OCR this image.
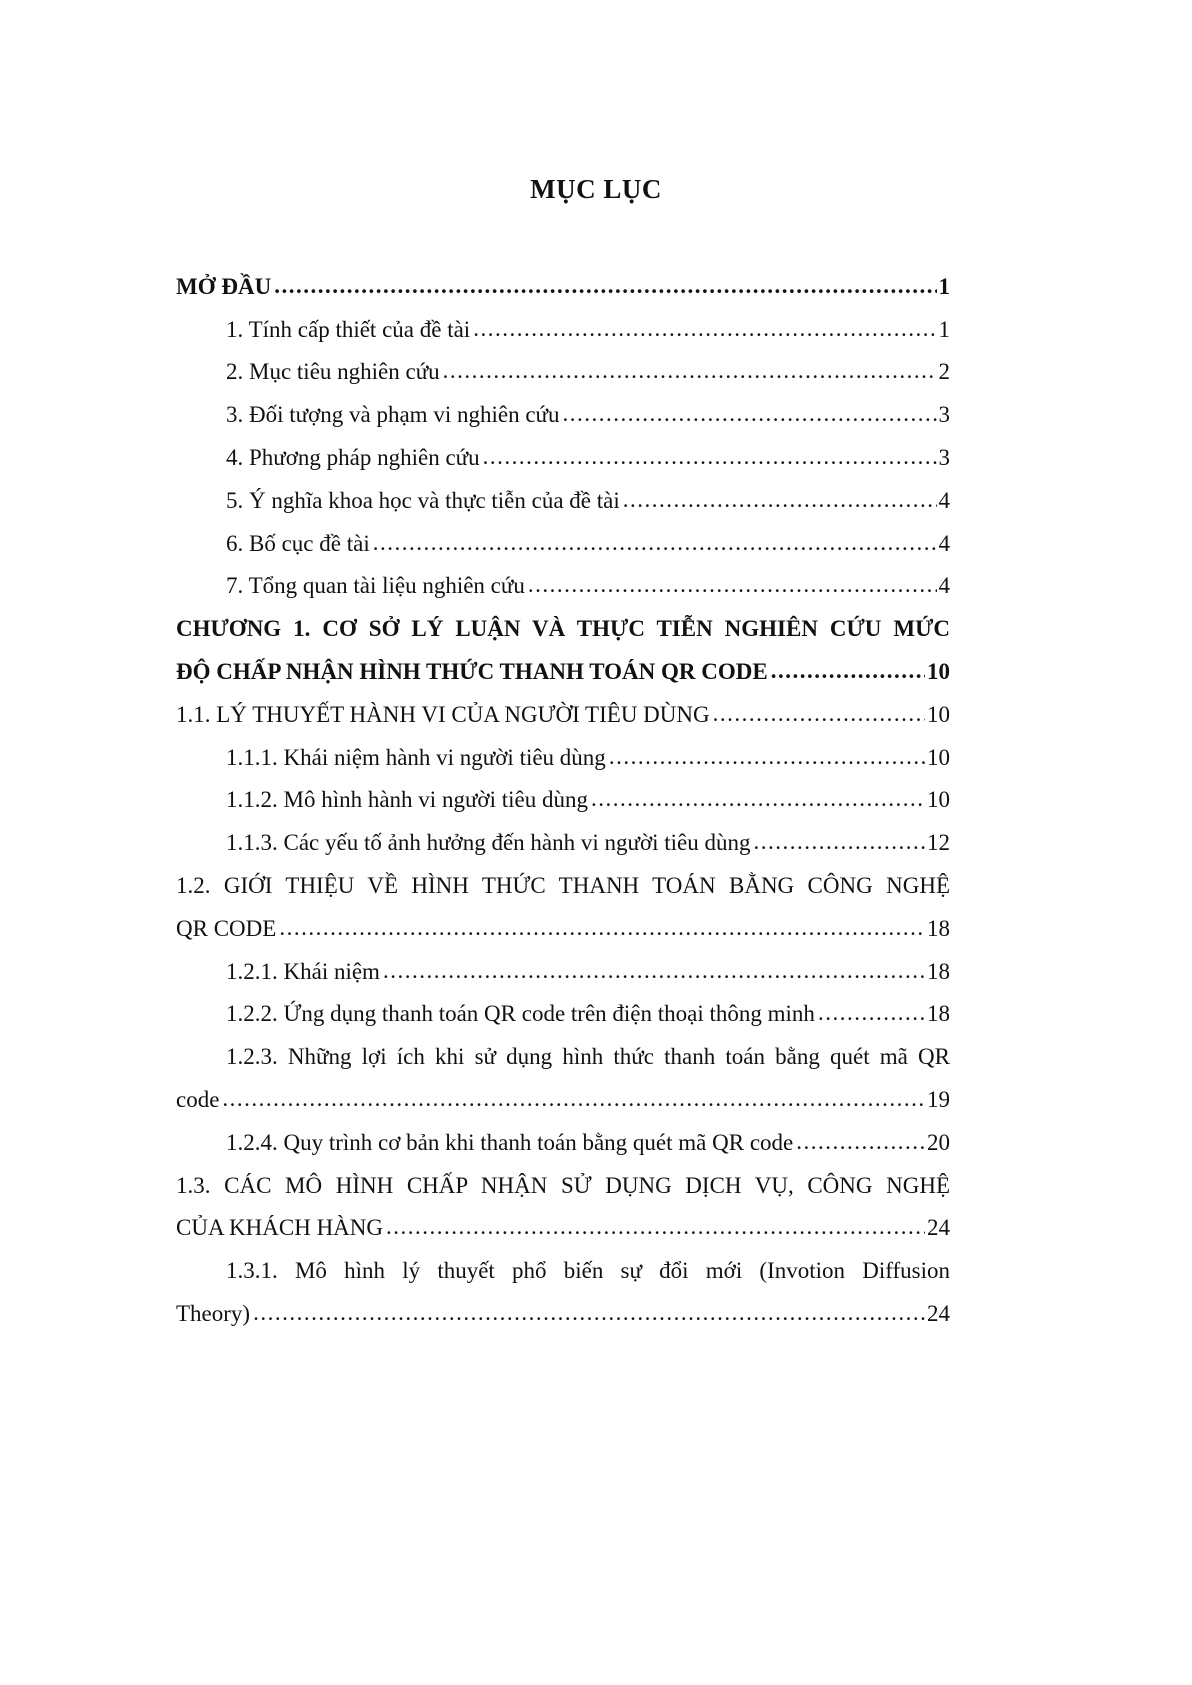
MỤC LỤC
MỞ ĐẦU .....	1
1. Tính cấp thiết của đề tài .....	1
2. Mục tiêu nghiên cứu .....	2
3. Đối tượng và phạm vi nghiên cứu .....	3
4. Phương pháp nghiên cứu .....	3
5. Ý nghĩa khoa học và thực tiễn của đề tài .....	4
6. Bố cục đề tài .....	4
7. Tổng quan tài liệu nghiên cứu .....	4
CHƯƠNG 1. CƠ SỞ LÝ LUẬN VÀ THỰC TIỄN NGHIÊN CỨU MỨC
ĐỘ CHẤP NHẬN HÌNH THỨC THANH TOÁN QR CODE .....	10
1.1. LÝ THUYẾT HÀNH VI CỦA NGƯỜI TIÊU DÙNG .....	10
1.1.1. Khái niệm hành vi người tiêu dùng .....	10
1.1.2. Mô hình hành vi người tiêu dùng .....	10
1.1.3. Các yếu tố ảnh hưởng đến hành vi người tiêu dùng .....	12
1.2. GIỚI THIỆU VỀ HÌNH THỨC THANH TOÁN BẰNG CÔNG NGHỆ
QR CODE .....	18
1.2.1. Khái niệm .....	18
1.2.2. Ứng dụng thanh toán QR code trên điện thoại thông minh .....	18
1.2.3. Những lợi ích khi sử dụng hình thức thanh toán bằng quét mã QR
code .....	19
1.2.4. Quy trình cơ bản khi thanh toán bằng quét mã QR code .....	20
1.3. CÁC MÔ HÌNH CHẤP NHẬN SỬ DỤNG DỊCH VỤ, CÔNG NGHỆ
CỦA KHÁCH HÀNG .....	24
1.3.1. Mô hình lý thuyết phổ biến sự đổi mới (Invotion Diffusion
Theory) .....	24
